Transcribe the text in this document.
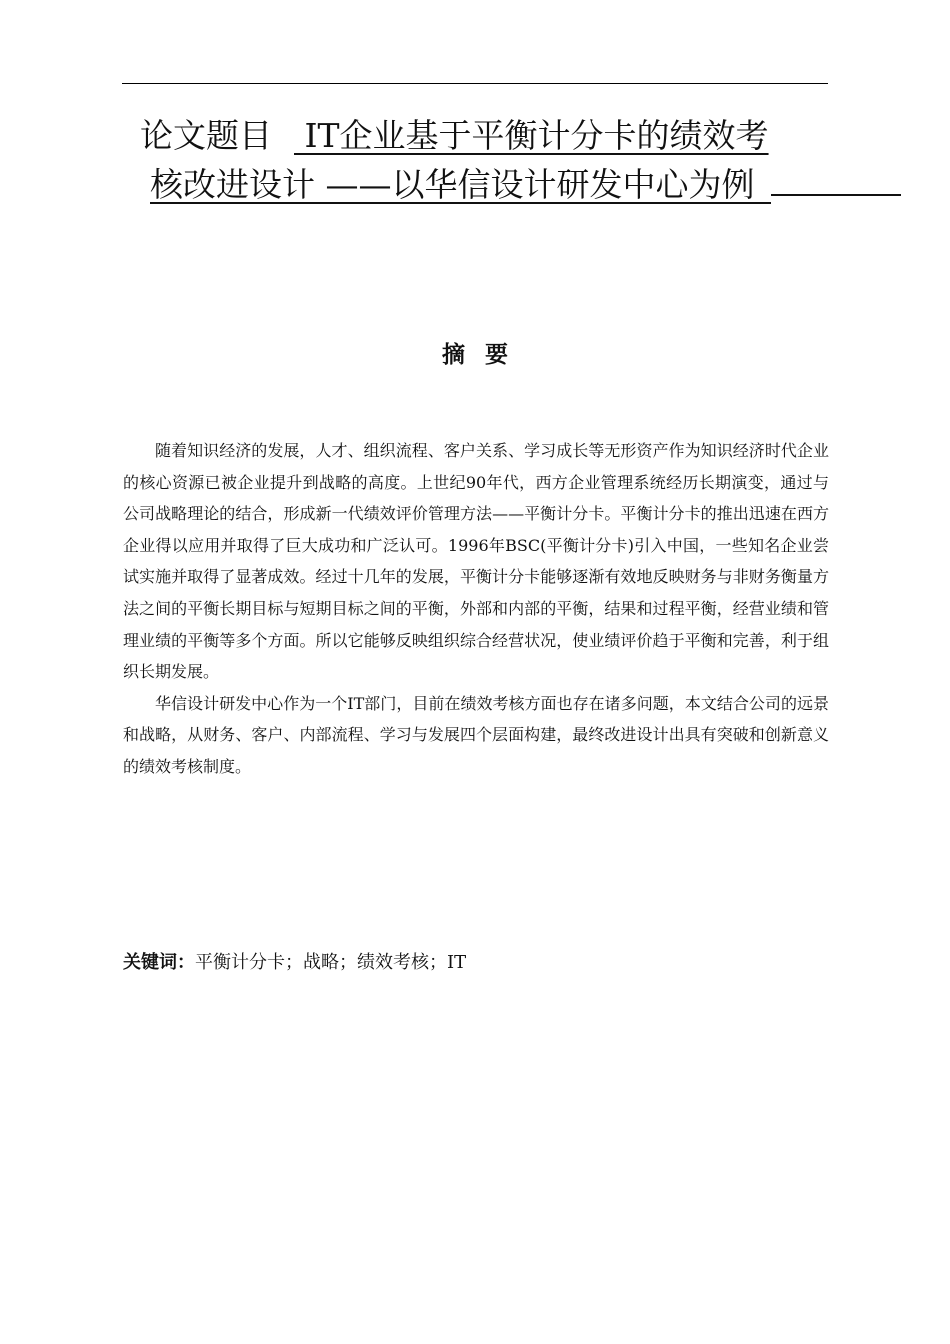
论文题目 IT企业基于平衡计分卡的绩效考
核改进设计 ——以华信设计研发中心为例_
摘要

随着知识经济的发展，人才、组织流程、客户关系、学习成长等无形资产作为知识经济时代企业的核心资源已被企业提升到战略的高度。上世纪90年代，西方企业管理系统经历长期演变，通过与公司战略理论的结合，形成新一代绩效评价管理方法——平衡计分卡。平衡计分卡的推出迅速在西方企业得以应用并取得了巨大成功和广泛认可。1996年BSC(平衡计分卡)引入中国，一些知名企业尝试实施并取得了显著成效。经过十几年的发展，平衡计分卡能够逐渐有效地反映财务与非财务衡量方法之间的平衡长期目标与短期目标之间的平衡，外部和内部的平衡，结果和过程平衡，经营业绩和管理业绩的平衡等多个方面。所以它能够反映组织综合经营状况，使业绩评价趋于平衡和完善，利于组织长期发展。

华信设计研发中心作为一个IT部门，目前在绩效考核方面也存在诸多问题，本文结合公司的远景和战略，从财务、客户、内部流程、学习与发展四个层面构建，最终改进设计出具有突破和创新意义的绩效考核制度。

关键词：平衡计分卡；战略；绩效考核；IT
